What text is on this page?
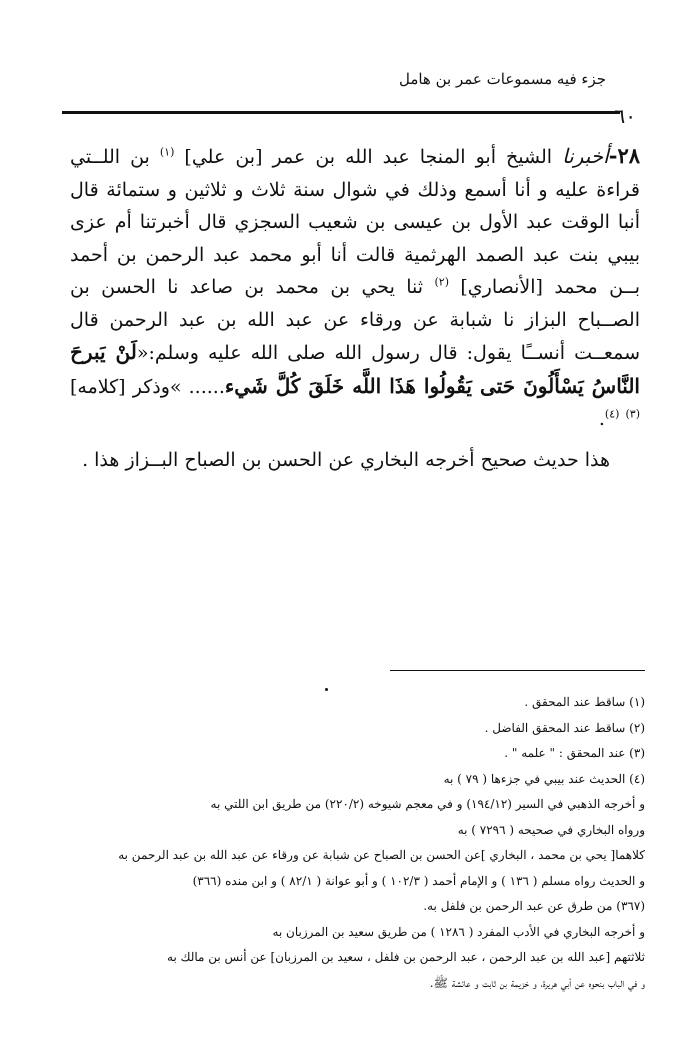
جزء فيه مسموعات عمر بن هامل
٦٠

٢٨-أخبرنا الشيخ أبو المنجا عبد الله بن عمر [بن علي] $^{(١)}$ بن اللــتي قراءة عليه و أنا أسمع وذلك في شوال سنة ثلاث و ثلاثين و ستمائة قال أنبا الوقت عبد الأول بن عيسى بن شعيب السجزي قال أخبرتنا أم عزى بيبي بنت عبد الصمد الهرثمية قالت أنا أبو محمد عبد الرحمن بن أحمد بــن محمد [الأنصاري] $^{(٢)}$ ثنا يحي بن محمد بن صاعد نا الحسن بن الصــباح البزاز نا شبابة عن ورقاء عن عبد الله بن عبد الرحمن قال سمعــت أنســًا يقول: قال رسول الله صلى الله عليه وسلم:«لَنْ يَبرحَ النَّاسُ يَسْأَلُونَ حَتى يَقُولُوا هَذَا اللَّه خَلَقَ كُلَّ شَيء...... »وذكر [كلامه] $^{(٣)}$ $^{(٤)}$.

هذا حديث صحيح أخرجه البخاري عن الحسن بن الصباح البــزاز هذا .

(١) ساقط عند المحقق .
(٢) ساقط عند المحقق الفاضل .
(٣) عند المحقق : " علمه " .
(٤) الحديث عند بيبي في جزءها ( ٧٩ ) به
و أخرجه الذهبي في السير (١٩٤/١٢) و في معجم شيوخه (٢٢٠/٢) من طريق ابن اللتي به
ورواه البخاري في صحيحه ( ٧٢٩٦ ) به
كلاهما[ يحي بن محمد ، البخاري ]عن الحسن بن الصباح عن شبابة عن ورقاء عن عبد الله بن عبد الرحمن به
و الحديث رواه مسلم ( ١٣٦ ) و الإمام أحمد ( ١٠٢/٣ ) و أبو عوانة ( ٨٢/١ ) و ابن منده (٣٦٦)
(٣٦٧) من طرق عن عبد الرحمن بن فلفل به.
و أخرجه البخاري في الأدب المفرد ( ١٢٨٦ ) من طريق سعيد بن المرزبان به
ثلاثتهم [عبد الله بن عبد الرحمن ، عبد الرحمن بن فلفل ، سعيد بن المرزبان] عن أنس بن مالك به
و في الباب بنحوه عن أبي هريرة، و خزيمة بن ثابت و عائشة ﷺ.
